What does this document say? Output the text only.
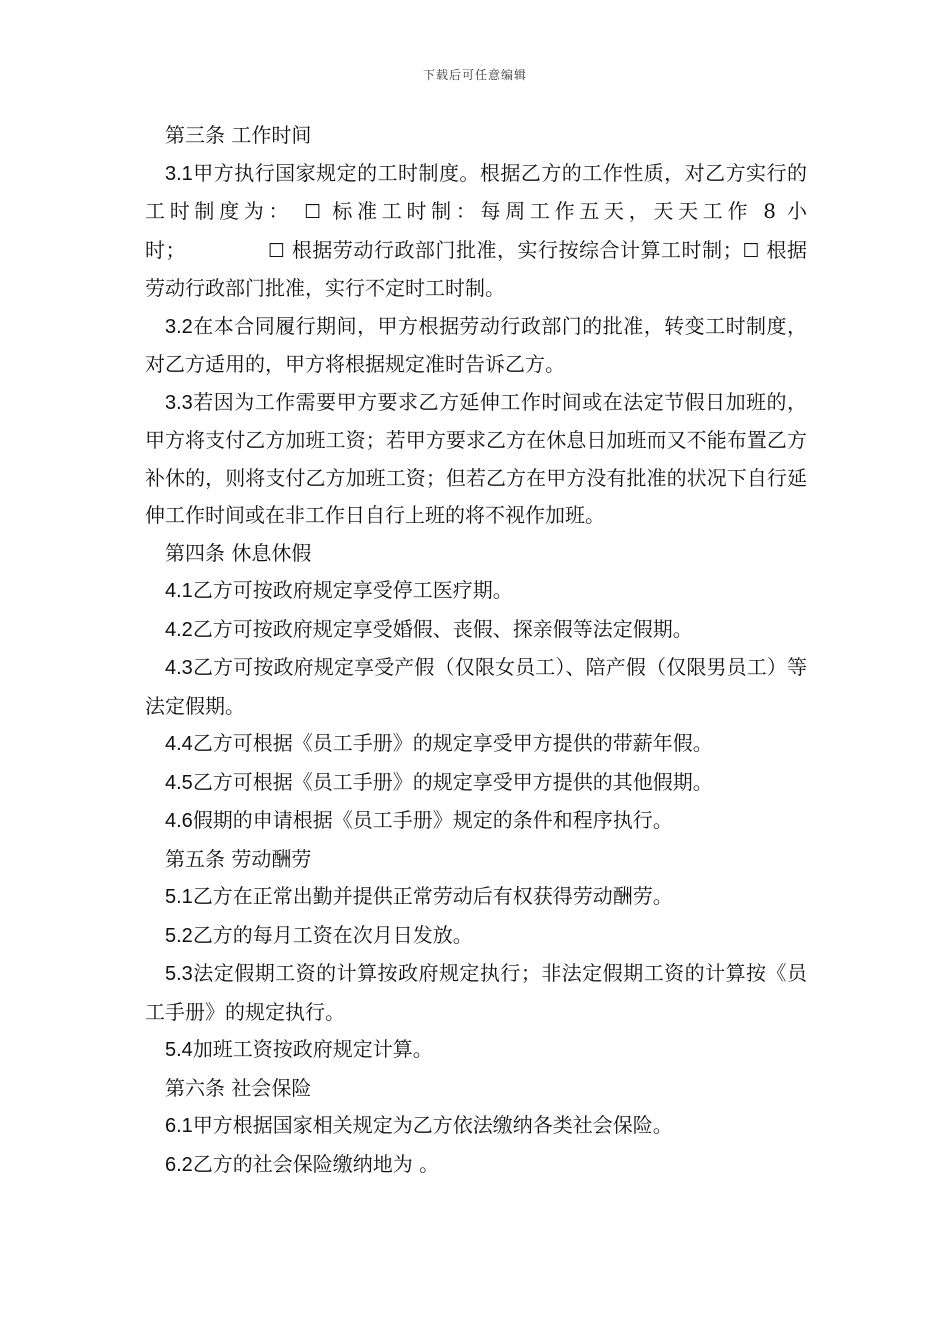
下载后可任意编辑

第三条 工作时间

3.1甲方执行国家规定的工时制度。根据乙方的工作性质，对乙方实行的工时制度为： ☐ 标准工时制：每周工作五天，天天工作 8 小时；	☐ 根据劳动行政部门批准，实行按综合计算工时制；☐ 根据劳动行政部门批准，实行不定时工时制。

3.2在本合同履行期间，甲方根据劳动行政部门的批准，转变工时制度，对乙方适用的，甲方将根据规定准时告诉乙方。

3.3若因为工作需要甲方要求乙方延伸工作时间或在法定节假日加班的，甲方将支付乙方加班工资；若甲方要求乙方在休息日加班而又不能布置乙方补休的，则将支付乙方加班工资；但若乙方在甲方没有批准的状况下自行延伸工作时间或在非工作日自行上班的将不视作加班。

第四条 休息休假

4.1乙方可按政府规定享受停工医疗期。

4.2乙方可按政府规定享受婚假、丧假、探亲假等法定假期。

4.3乙方可按政府规定享受产假（仅限女员工）、陪产假（仅限男员工）等法定假期。

4.4乙方可根据《员工手册》的规定享受甲方提供的带薪年假。

4.5乙方可根据《员工手册》的规定享受甲方提供的其他假期。

4.6假期的申请根据《员工手册》规定的条件和程序执行。

第五条 劳动酬劳

5.1乙方在正常出勤并提供正常劳动后有权获得劳动酬劳。

5.2乙方的每月工资在次月日发放。

5.3法定假期工资的计算按政府规定执行；非法定假期工资的计算按《员工手册》的规定执行。

5.4加班工资按政府规定计算。

第六条 社会保险

6.1甲方根据国家相关规定为乙方依法缴纳各类社会保险。

6.2乙方的社会保险缴纳地为 。
